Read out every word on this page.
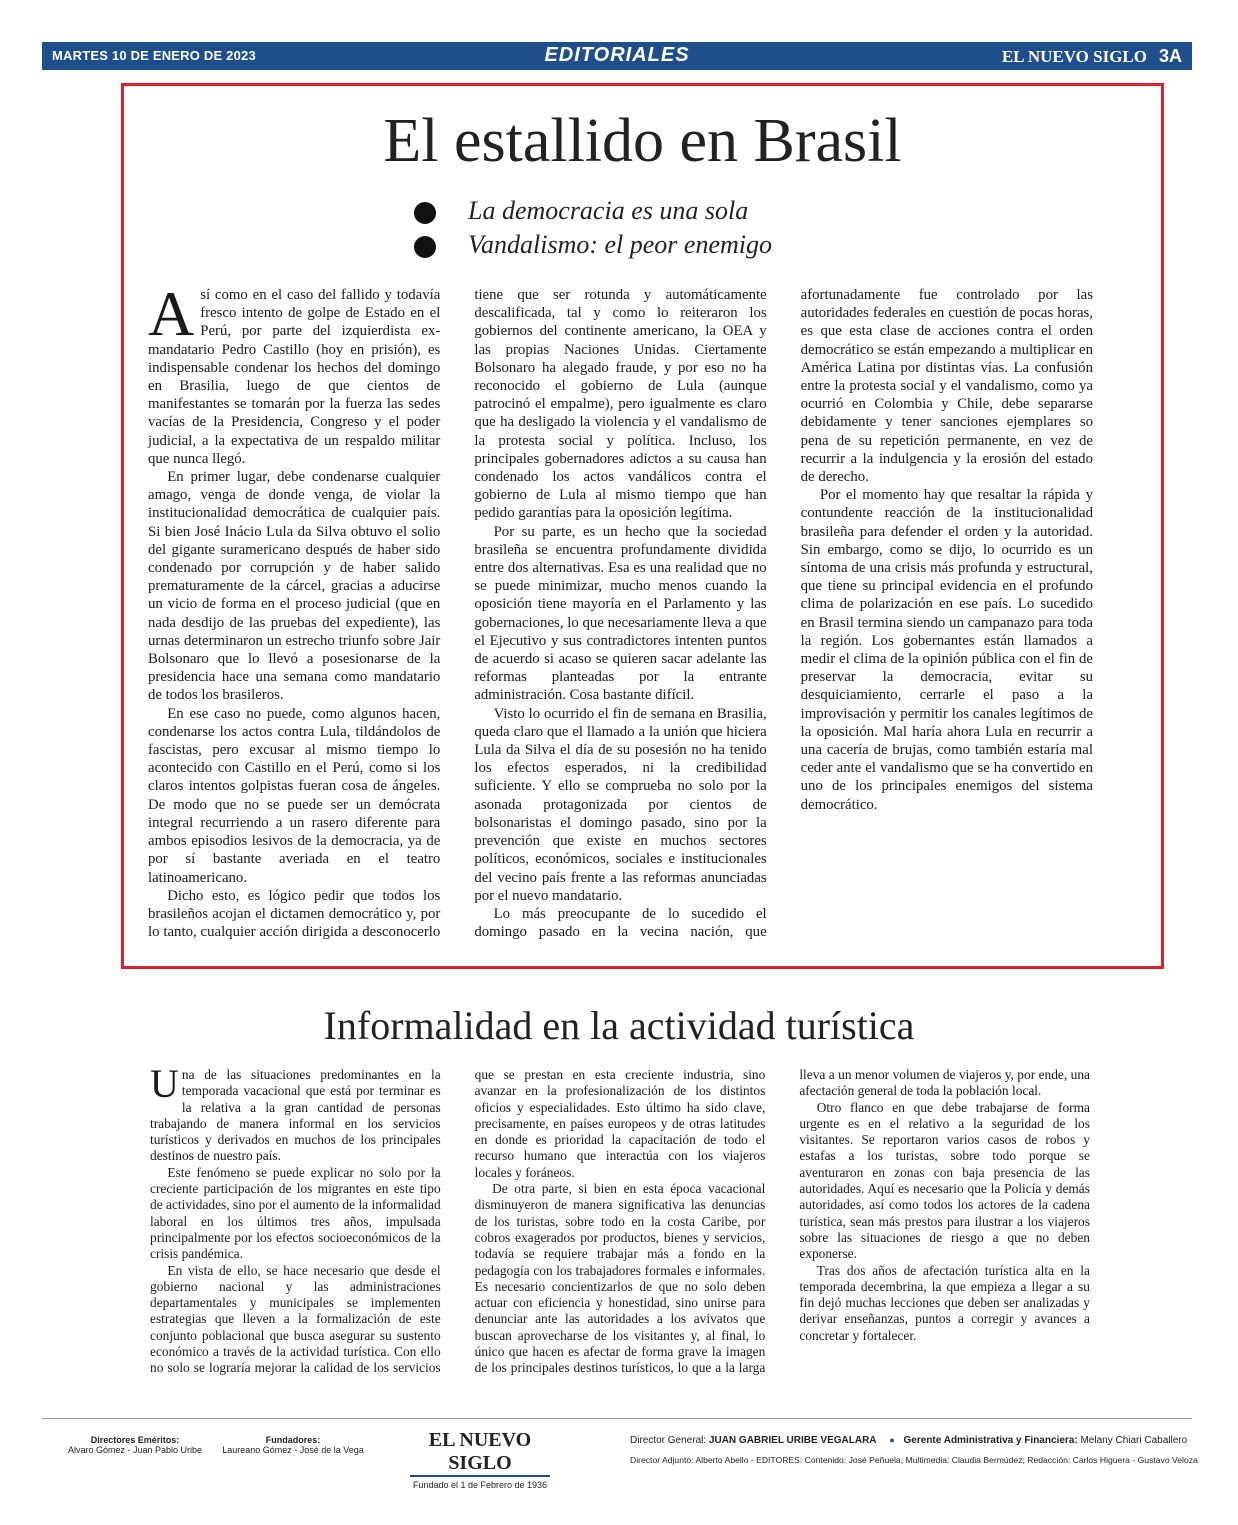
MARTES 10 DE ENERO DE 2023	EDITORIALES	EL NUEVO SIGLO 3A
El estallido en Brasil
La democracia es una sola
Vandalismo: el peor enemigo

Así como en el caso del fallido y todavía fresco intento de golpe de Estado en el Perú, por parte del izquierdista ex-mandatario Pedro Castillo (hoy en prisión), es indispensable condenar los hechos del domingo en Brasilia, luego de que cientos de manifestantes se tomarán por la fuerza las sedes vacías de la Presidencia, Congreso y el poder judicial, a la expectativa de un respaldo militar que nunca llegó.

En primer lugar, debe condenarse cualquier amago, venga de donde venga, de violar la institucionalidad democrática de cualquier país. Si bien José Inácio Lula da Silva obtuvo el solio del gigante suramericano después de haber sido condenado por corrupción y de haber salido prematuramente de la cárcel, gracias a aducirse un vicio de forma en el proceso judicial (que en nada desdijo de las pruebas del expediente), las urnas determinaron un estrecho triunfo sobre Jair Bolsonaro que lo llevó a posesionarse de la presidencia hace una semana como mandatario de todos los brasileros.

En ese caso no puede, como algunos hacen, condenarse los actos contra Lula, tildándolos de fascistas, pero excusar al mismo tiempo lo acontecido con Castillo en el Perú, como si los claros intentos golpistas fueran cosa de ángeles. De modo que no se puede ser un demócrata integral recurriendo a un rasero diferente para ambos episodios lesivos de la democracia, ya de por sí bastante averiada en el teatro latinoamericano.

Dicho esto, es lógico pedir que todos los brasileños acojan el dictamen democrático y, por lo tanto, cualquier acción dirigida a desconocerlo tiene que ser rotunda y automáticamente descalificada, tal y como lo reiteraron los gobiernos del continente americano, la OEA y las propias Naciones Unidas. Ciertamente Bolsonaro ha alegado fraude, y por eso no ha reconocido el gobierno de Lula (aunque patrocinó el empalme), pero igualmente es claro que ha desligado la violencia y el vandalismo de la protesta social y política. Incluso, los principales gobernadores adictos a su causa han condenado los actos vandálicos contra el gobierno de Lula al mismo tiempo que han pedido garantías para la oposición legítima.

Por su parte, es un hecho que la sociedad brasileña se encuentra profundamente dividida entre dos alternativas. Esa es una realidad que no se puede minimizar, mucho menos cuando la oposición tiene mayoría en el Parlamento y las gobernaciones, lo que necesariamente lleva a que el Ejecutivo y sus contradictores intenten puntos de acuerdo si acaso se quieren sacar adelante las reformas planteadas por la entrante administración. Cosa bastante difícil.

Visto lo ocurrido el fin de semana en Brasilia, queda claro que el llamado a la unión que hiciera Lula da Silva el día de su posesión no ha tenido los efectos esperados, ni la credibilidad suficiente. Y ello se comprueba no solo por la asonada protagonizada por cientos de bolsonaristas el domingo pasado, sino por la prevención que existe en muchos sectores políticos, económicos, sociales e institucionales del vecino país frente a las reformas anunciadas por el nuevo mandatario.

Lo más preocupante de lo sucedido el domingo pasado en la vecina nación, que afortunadamente fue controlado por las autoridades federales en cuestión de pocas horas, es que esta clase de acciones contra el orden democrático se están empezando a multiplicar en América Latina por distintas vías. La confusión entre la protesta social y el vandalismo, como ya ocurrió en Colombia y Chile, debe separarse debidamente y tener sanciones ejemplares so pena de su repetición permanente, en vez de recurrir a la indulgencia y la erosión del estado de derecho.

Por el momento hay que resaltar la rápida y contundente reacción de la institucionalidad brasileña para defender el orden y la autoridad. Sin embargo, como se dijo, lo ocurrido es un síntoma de una crisis más profunda y estructural, que tiene su principal evidencia en el profundo clima de polarización en ese país. Lo sucedido en Brasil termina siendo un campanazo para toda la región. Los gobernantes están llamados a medir el clima de la opinión pública con el fin de preservar la democracia, evitar su desquiciamiento, cerrarle el paso a la improvisación y permitir los canales legítimos de la oposición. Mal haría ahora Lula en recurrir a una cacería de brujas, como también estaría mal ceder ante el vandalismo que se ha convertido en uno de los principales enemigos del sistema democrático.

Informalidad en la actividad turística

Una de las situaciones predominantes en la temporada vacacional que está por terminar es la relativa a la gran cantidad de personas trabajando de manera informal en los servicios turísticos y derivados en muchos de los principales destinos de nuestro país.

Este fenómeno se puede explicar no solo por la creciente participación de los migrantes en este tipo de actividades, sino por el aumento de la informalidad laboral en los últimos tres años, impulsada principalmente por los efectos socioeconómicos de la crisis pandémica.

En vista de ello, se hace necesario que desde el gobierno nacional y las administraciones departamentales y municipales se implementen estrategias que lleven a la formalización de este conjunto poblacional que busca asegurar su sustento económico a través de la actividad turística. Con ello no solo se lograría mejorar la calidad de los servicios que se prestan en esta creciente industria, sino avanzar en la profesionalización de los distintos oficios y especialidades. Esto último ha sido clave, precisamente, en países europeos y de otras latitudes en donde es prioridad la capacitación de todo el recurso humano que interactúa con los viajeros locales y foráneos.

De otra parte, si bien en esta época vacacional disminuyeron de manera significativa las denuncias de los turistas, sobre todo en la costa Caribe, por cobros exagerados por productos, bienes y servicios, todavía se requiere trabajar más a fondo en la pedagogía con los trabajadores formales e informales. Es necesario concientizarlos de que no solo deben actuar con eficiencia y honestidad, sino unirse para denunciar ante las autoridades a los avivatos que buscan aprovecharse de los visitantes y, al final, lo único que hacen es afectar de forma grave la imagen de los principales destinos turísticos, lo que a la larga lleva a un menor volumen de viajeros y, por ende, una afectación general de toda la población local.

Otro flanco en que debe trabajarse de forma urgente es en el relativo a la seguridad de los visitantes. Se reportaron varios casos de robos y estafas a los turistas, sobre todo porque se aventuraron en zonas con baja presencia de las autoridades. Aquí es necesario que la Policía y demás autoridades, así como todos los actores de la cadena turística, sean más prestos para ilustrar a los viajeros sobre las situaciones de riesgo a que no deben exponerse.

Tras dos años de afectación turística alta en la temporada decembrina, la que empieza a llegar a su fin dejó muchas lecciones que deben ser analizadas y derivar enseñanzas, puntos a corregir y avances a concretar y fortalecer.

Directores Eméritos:
Alvaro Gómez - Juan Pablo Uribe
Fundadores:
Laureano Gómez - José de la Vega	EL NUEVO SIGLO
Fundado el 1 de Febrero de 1936
Director General: JUAN GABRIEL URIBE VEGALARA ● Gerente Administrativa y Financiera: Melany Chiari Caballero
Director Adjunto: Alberto Abello - EDITORES: Contenido: José Peñuela; Multimedia: Claudia Bermúdez; Redacción: Carlos Higuera - Gustavo Veloza
